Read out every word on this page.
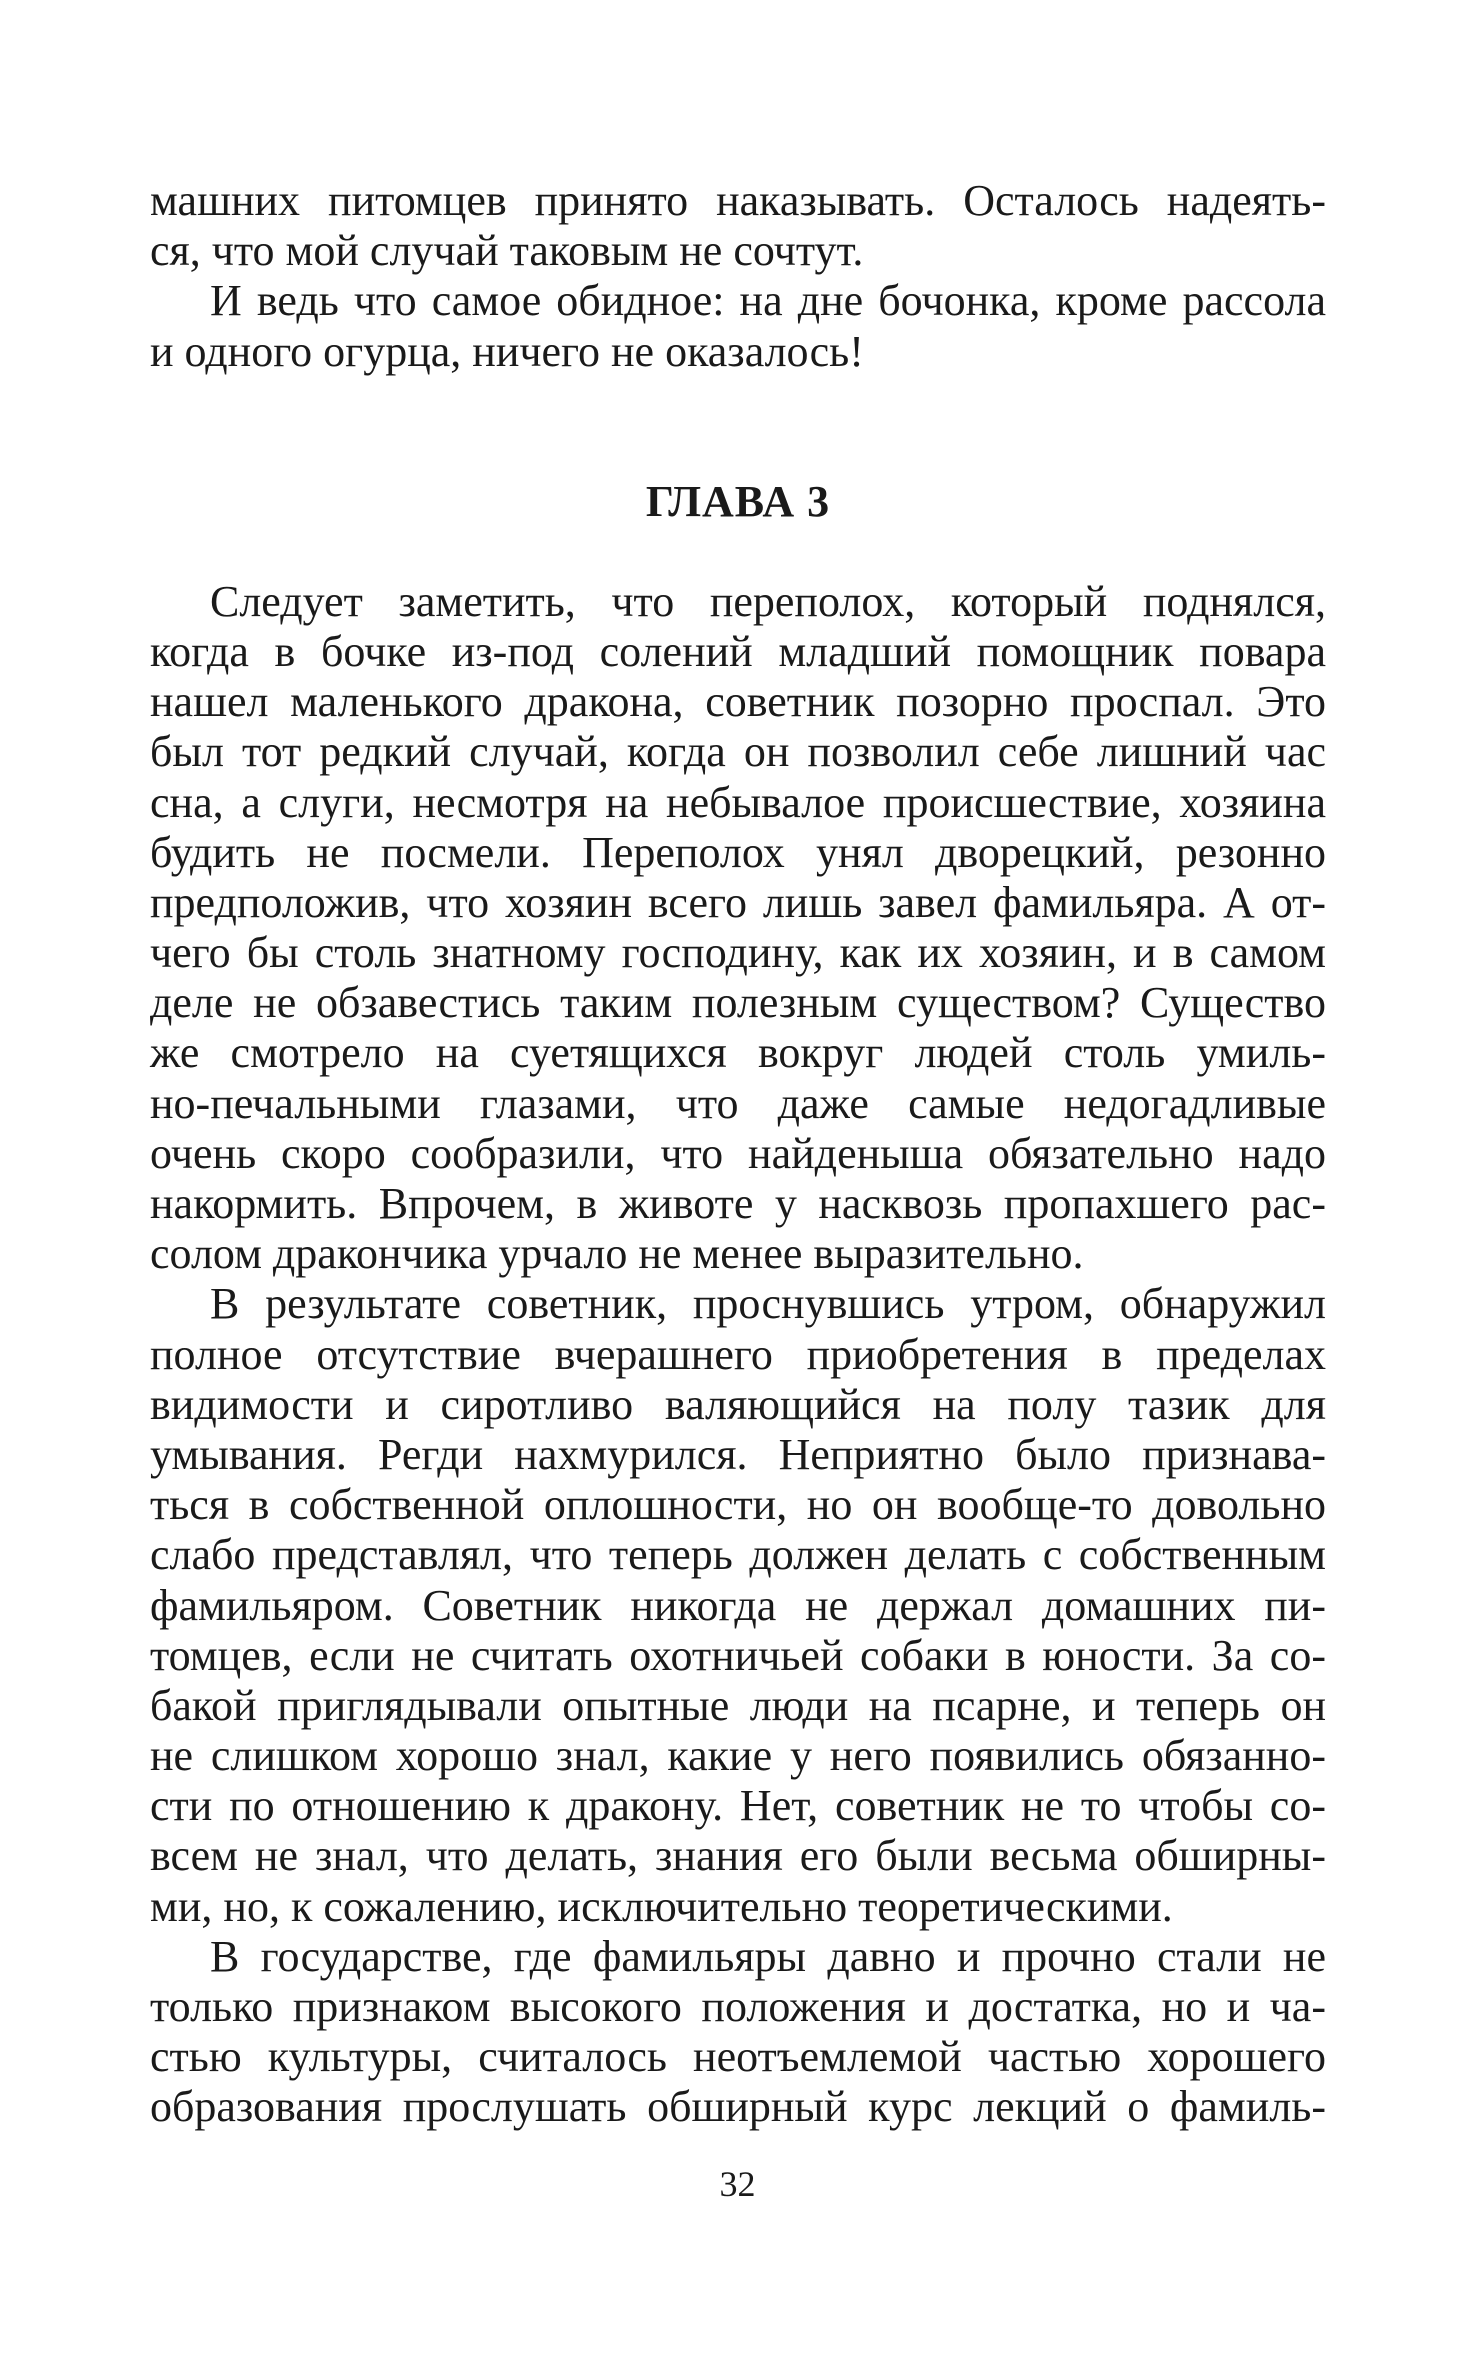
машних питомцев принято наказывать. Осталось надеять-
ся, что мой случай таковым не сочтут.
И ведь что самое обидное: на дне бочонка, кроме рассола
и одного огурца, ничего не оказалось!
ГЛАВА 3
Следует заметить, что переполох, который поднялся,
когда в бочке из-под солений младший помощник повара
нашел маленького дракона, советник позорно проспал. Это
был тот редкий случай, когда он позволил себе лишний час
сна, а слуги, несмотря на небывалое происшествие, хозяина
будить не посмели. Переполох унял дворецкий, резонно
предположив, что хозяин всего лишь завел фамильяра. А от-
чего бы столь знатному господину, как их хозяин, и в самом
деле не обзавестись таким полезным существом? Существо
же смотрело на суетящихся вокруг людей столь умиль-
но-печальными глазами, что даже самые недогадливые
очень скоро сообразили, что найденыша обязательно надо
накормить. Впрочем, в животе у насквозь пропахшего рас-
солом дракончика урчало не менее выразительно.
В результате советник, проснувшись утром, обнаружил
полное отсутствие вчерашнего приобретения в пределах
видимости и сиротливо валяющийся на полу тазик для
умывания. Регди нахмурился. Неприятно было признава-
ться в собственной оплошности, но он вообще-то довольно
слабо представлял, что теперь должен делать с собственным
фамильяром. Советник никогда не держал домашних пи-
томцев, если не считать охотничьей собаки в юности. За со-
бакой приглядывали опытные люди на псарне, и теперь он
не слишком хорошо знал, какие у него появились обязанно-
сти по отношению к дракону. Нет, советник не то чтобы со-
всем не знал, что делать, знания его были весьма обширны-
ми, но, к сожалению, исключительно теоретическими.
В государстве, где фамильяры давно и прочно стали не
только признаком высокого положения и достатка, но и ча-
стью культуры, считалось неотъемлемой частью хорошего
образования прослушать обширный курс лекций о фамиль-
32
